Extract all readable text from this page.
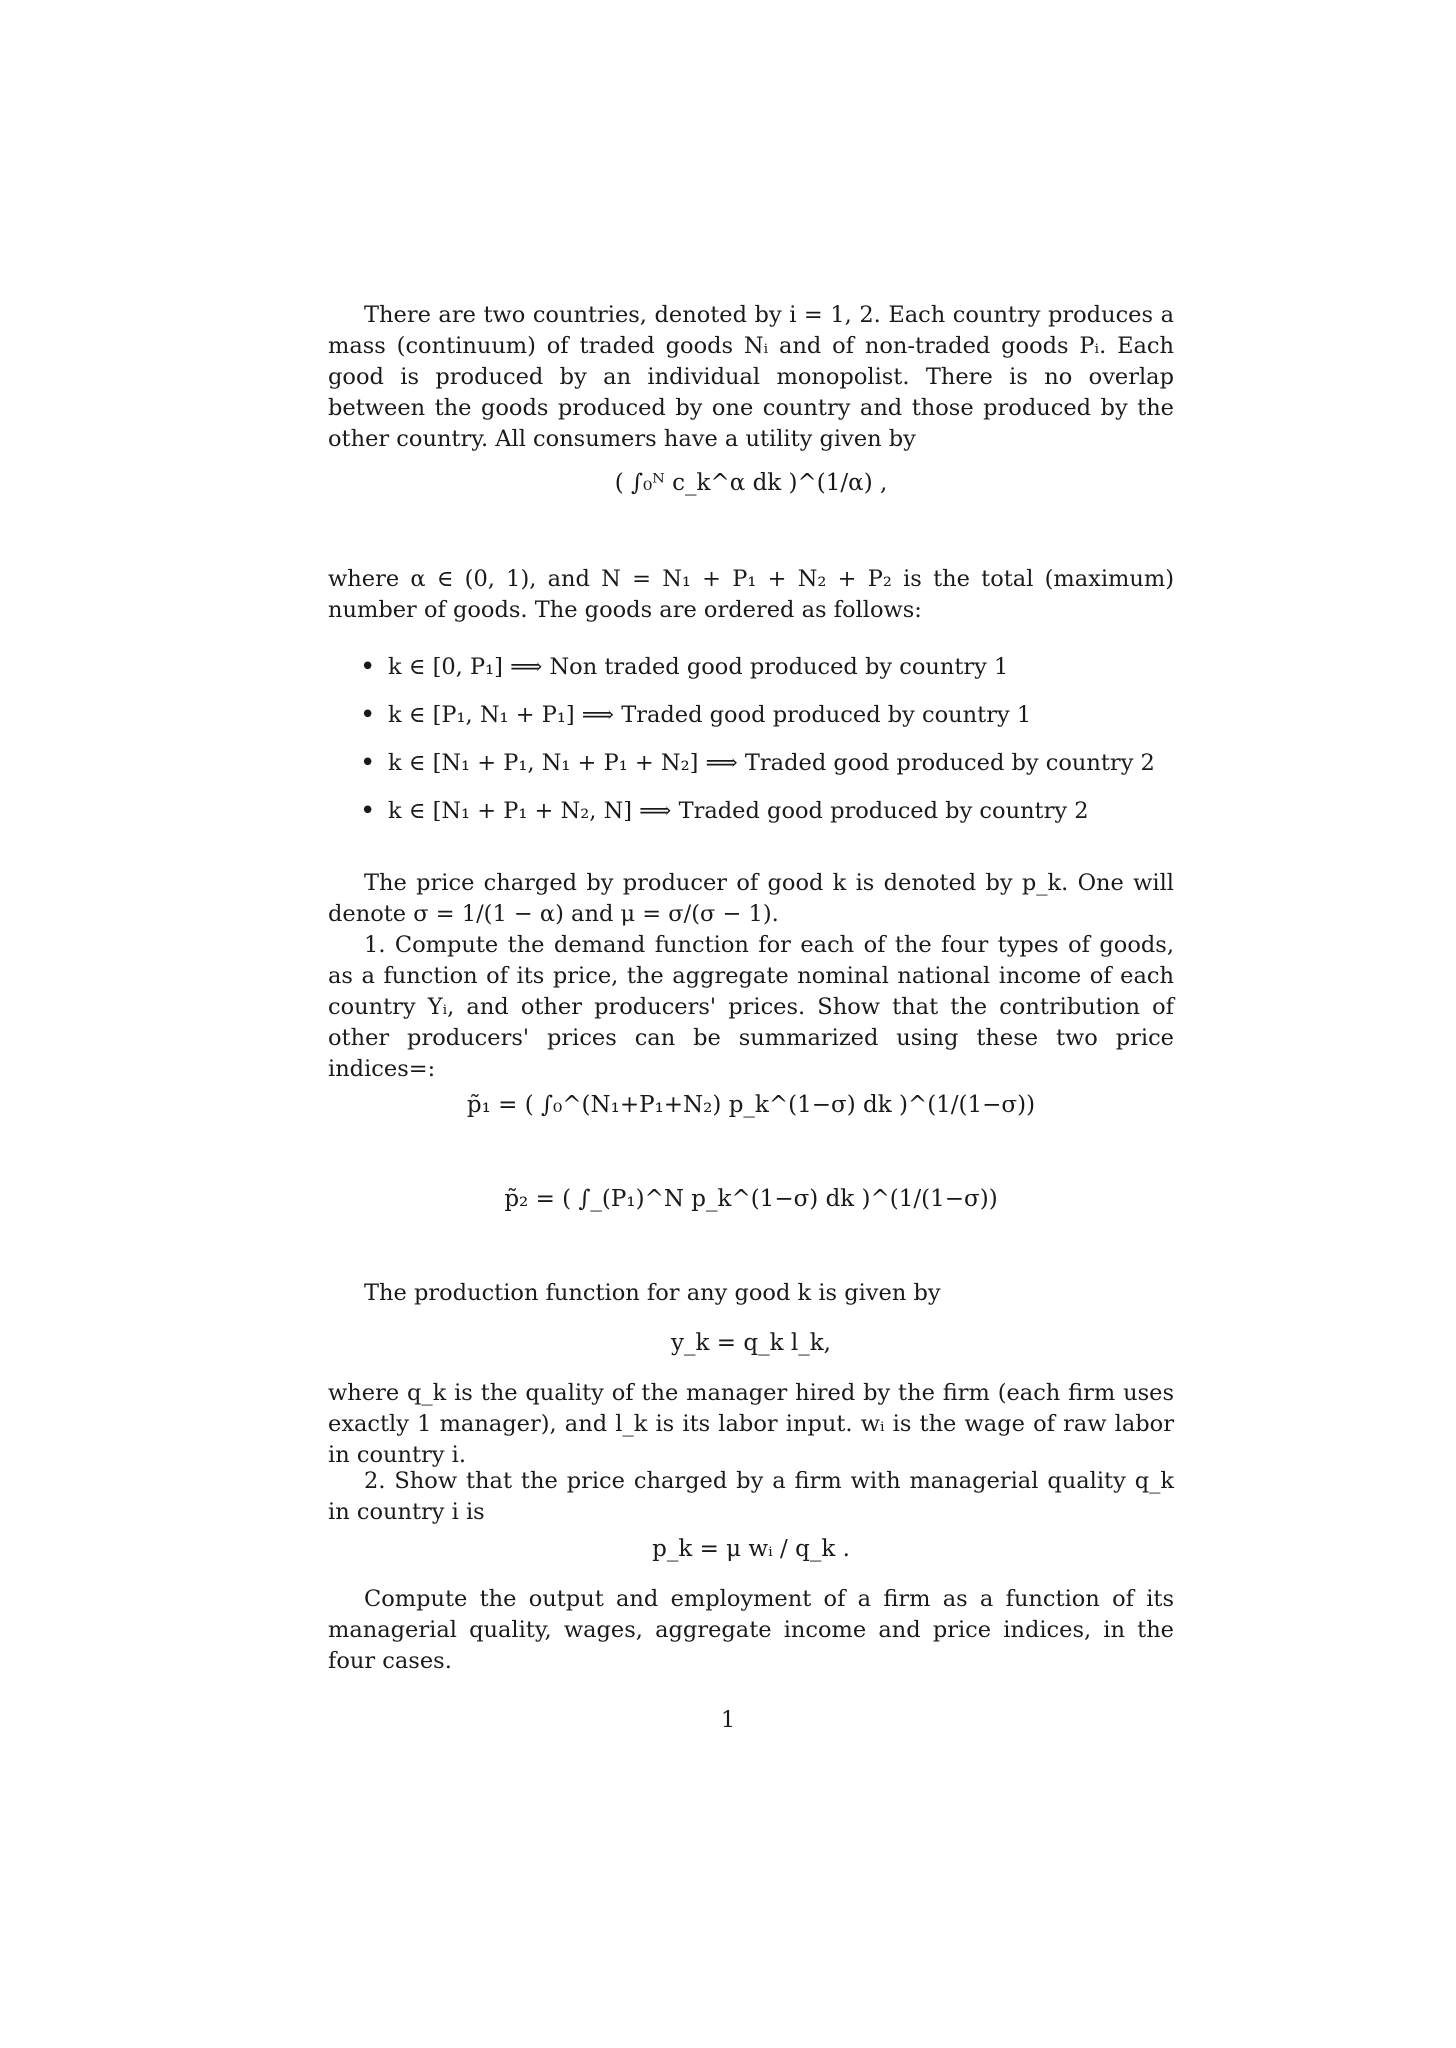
There are two countries, denoted by i = 1, 2. Each country produces a mass (continuum) of traded goods Nᵢ and of non-traded goods Pᵢ. Each good is produced by an individual monopolist. There is no overlap between the goods produced by one country and those produced by the other country. All consumers have a utility given by

( ∫₀ᴺ c_k^α dk )^(1/α) ,

where α ∈ (0, 1), and N = N₁ + P₁ + N₂ + P₂ is the total (maximum) number of goods. The goods are ordered as follows:

• k ∈ [0, P₁] ⟹ Non traded good produced by country 1
• k ∈ [P₁, N₁ + P₁] ⟹ Traded good produced by country 1
• k ∈ [N₁ + P₁, N₁ + P₁ + N₂] ⟹ Traded good produced by country 2
• k ∈ [N₁ + P₁ + N₂, N] ⟹ Traded good produced by country 2

The price charged by producer of good k is denoted by p_k. One will denote σ = 1/(1 − α) and μ = σ/(σ − 1).

1. Compute the demand function for each of the four types of goods, as a function of its price, the aggregate nominal national income of each country Yᵢ, and other producers' prices. Show that the contribution of other producers' prices can be summarized using these two price indices=:

p̃₁ = ( ∫₀^(N₁+P₁+N₂) p_k^(1−σ) dk )^(1/(1−σ))
p̃₂ = ( ∫_(P₁)^N p_k^(1−σ) dk )^(1/(1−σ))

The production function for any good k is given by

y_k = q_k l_k,

where q_k is the quality of the manager hired by the firm (each firm uses exactly 1 manager), and l_k is its labor input. wᵢ is the wage of raw labor in country i.

2. Show that the price charged by a firm with managerial quality q_k in country i is

p_k = μ wᵢ / q_k .

Compute the output and employment of a firm as a function of its managerial quality, wages, aggregate income and price indices, in the four cases.

1
